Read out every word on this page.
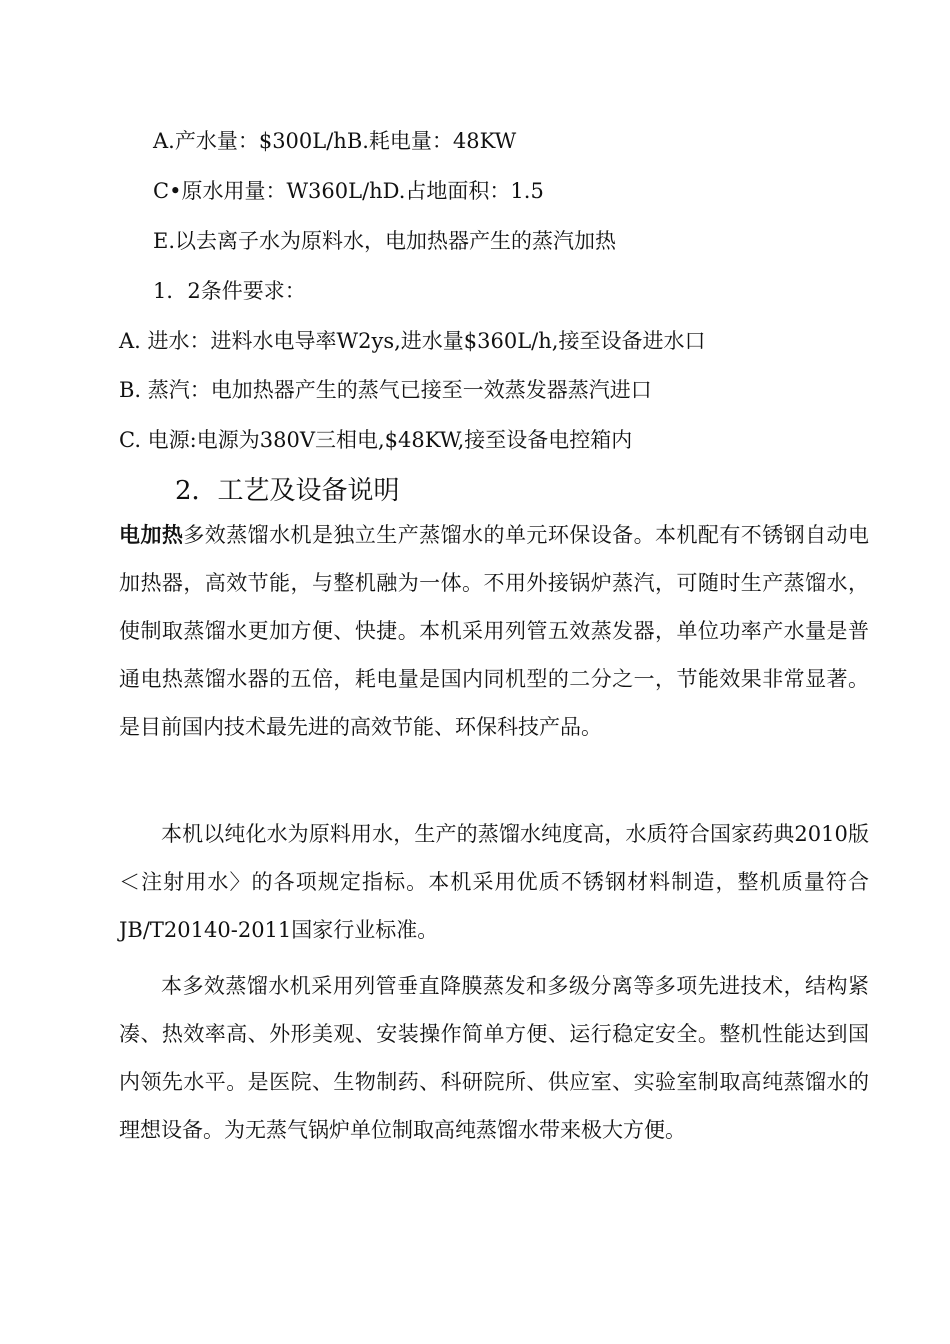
A.产水量：$300L/hB.耗电量：48KW
C•原水用量：W360L/hD.占地面积：1.5
E.以去离子水为原料水，电加热器产生的蒸汽加热
1．2条件要求：
A. 进水：进料水电导率W2ys,进水量$360L/h,接至设备进水口
B. 蒸汽：电加热器产生的蒸气已接至一效蒸发器蒸汽进口
C. 电源:电源为380V三相电,$48KW,接至设备电控箱内
2．工艺及设备说明

电加热多效蒸馏水机是独立生产蒸馏水的单元环保设备。本机配有不锈钢自动电加热器，高效节能，与整机融为一体。不用外接锅炉蒸汽，可随时生产蒸馏水，使制取蒸馏水更加方便、快捷。本机采用列管五效蒸发器，单位功率产水量是普通电热蒸馏水器的五倍，耗电量是国内同机型的二分之一，节能效果非常显著。是目前国内技术最先进的高效节能、环保科技产品。

本机以纯化水为原料用水，生产的蒸馏水纯度高，水质符合国家药典2010版＜注射用水〉的各项规定指标。本机采用优质不锈钢材料制造，整机质量符合JB/T20140-2011国家行业标准。

本多效蒸馏水机采用列管垂直降膜蒸发和多级分离等多项先进技术，结构紧凑、热效率高、外形美观、安装操作简单方便、运行稳定安全。整机性能达到国内领先水平。是医院、生物制药、科研院所、供应室、实验室制取高纯蒸馏水的理想设备。为无蒸气锅炉单位制取高纯蒸馏水带来极大方便。
